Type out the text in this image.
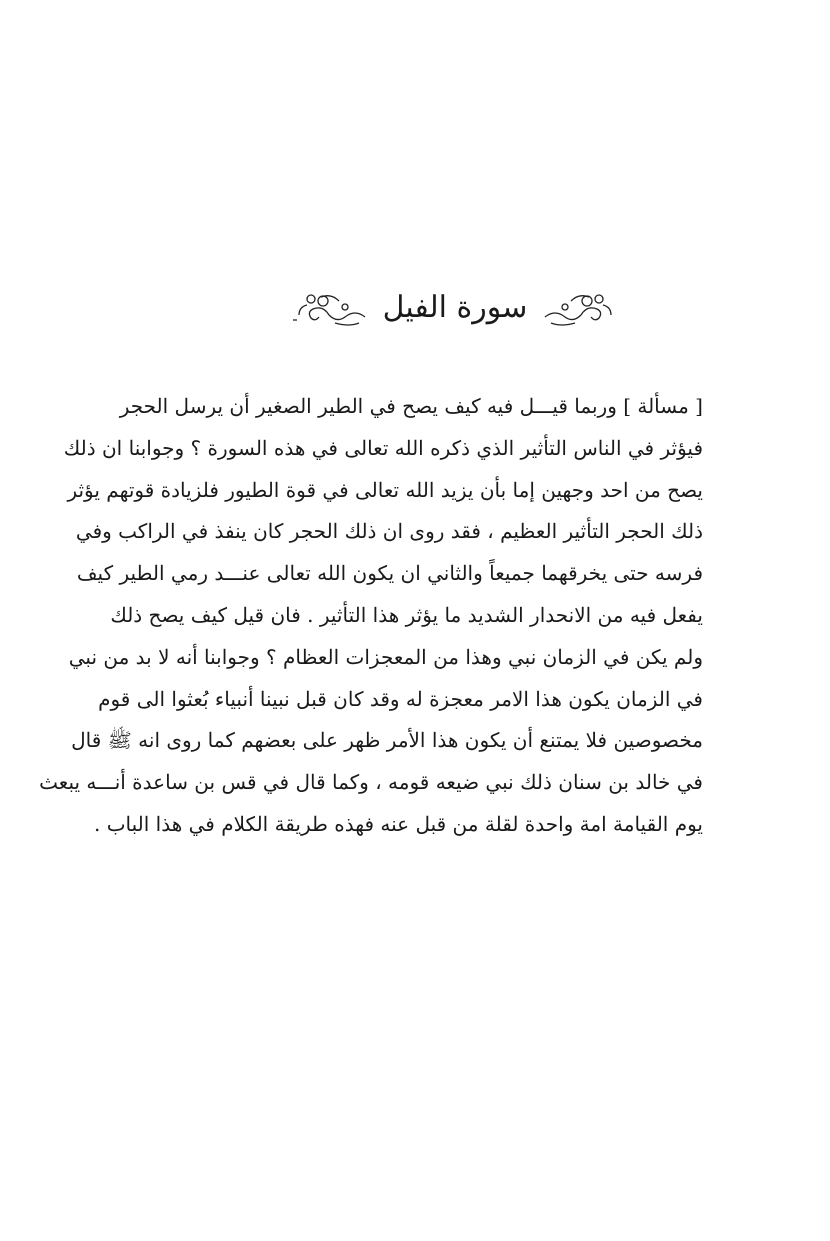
سورة الفيل
[ مسألة ] وربما قيـــل فيه كيف يصح في الطير الصغير أن يرسل الحجر
فيؤثر في الناس التأثير الذي ذكره الله تعالى في هذه السورة ؟ وجوابنا ان ذلك
يصح من احد وجهين إما بأن يزيد الله تعالى في قوة الطيور فلزيادة قوتهم يؤثر
ذلك الحجر التأثير العظيم ، فقد روى ان ذلك الحجر كان ينفذ في الراكب وفي
فرسه حتى يخرقهما جميعاً والثاني ان يكون الله تعالى عنـــد رمي الطير كيف
يفعل فيه من الانحدار الشديد ما يؤثر هذا التأثير . فان قيل كيف يصح ذلك
ولم يكن في الزمان نبي وهذا من المعجزات العظام ؟ وجوابنا أنه لا بد من نبي
في الزمان يكون هذا الامر معجزة له وقد كان قبل نبينا أنبياء بُعثوا الى قوم
مخصوصين فلا يمتنع أن يكون هذا الأمر ظهر على بعضهم كما روى انه ﷺ قال
في خالد بن سنان ذلك نبي ضيعه قومه ، وكما قال في قس بن ساعدة أنـــه يبعث
يوم القيامة امة واحدة لقلة من قبل عنه فهذه طريقة الكلام في هذا الباب .
